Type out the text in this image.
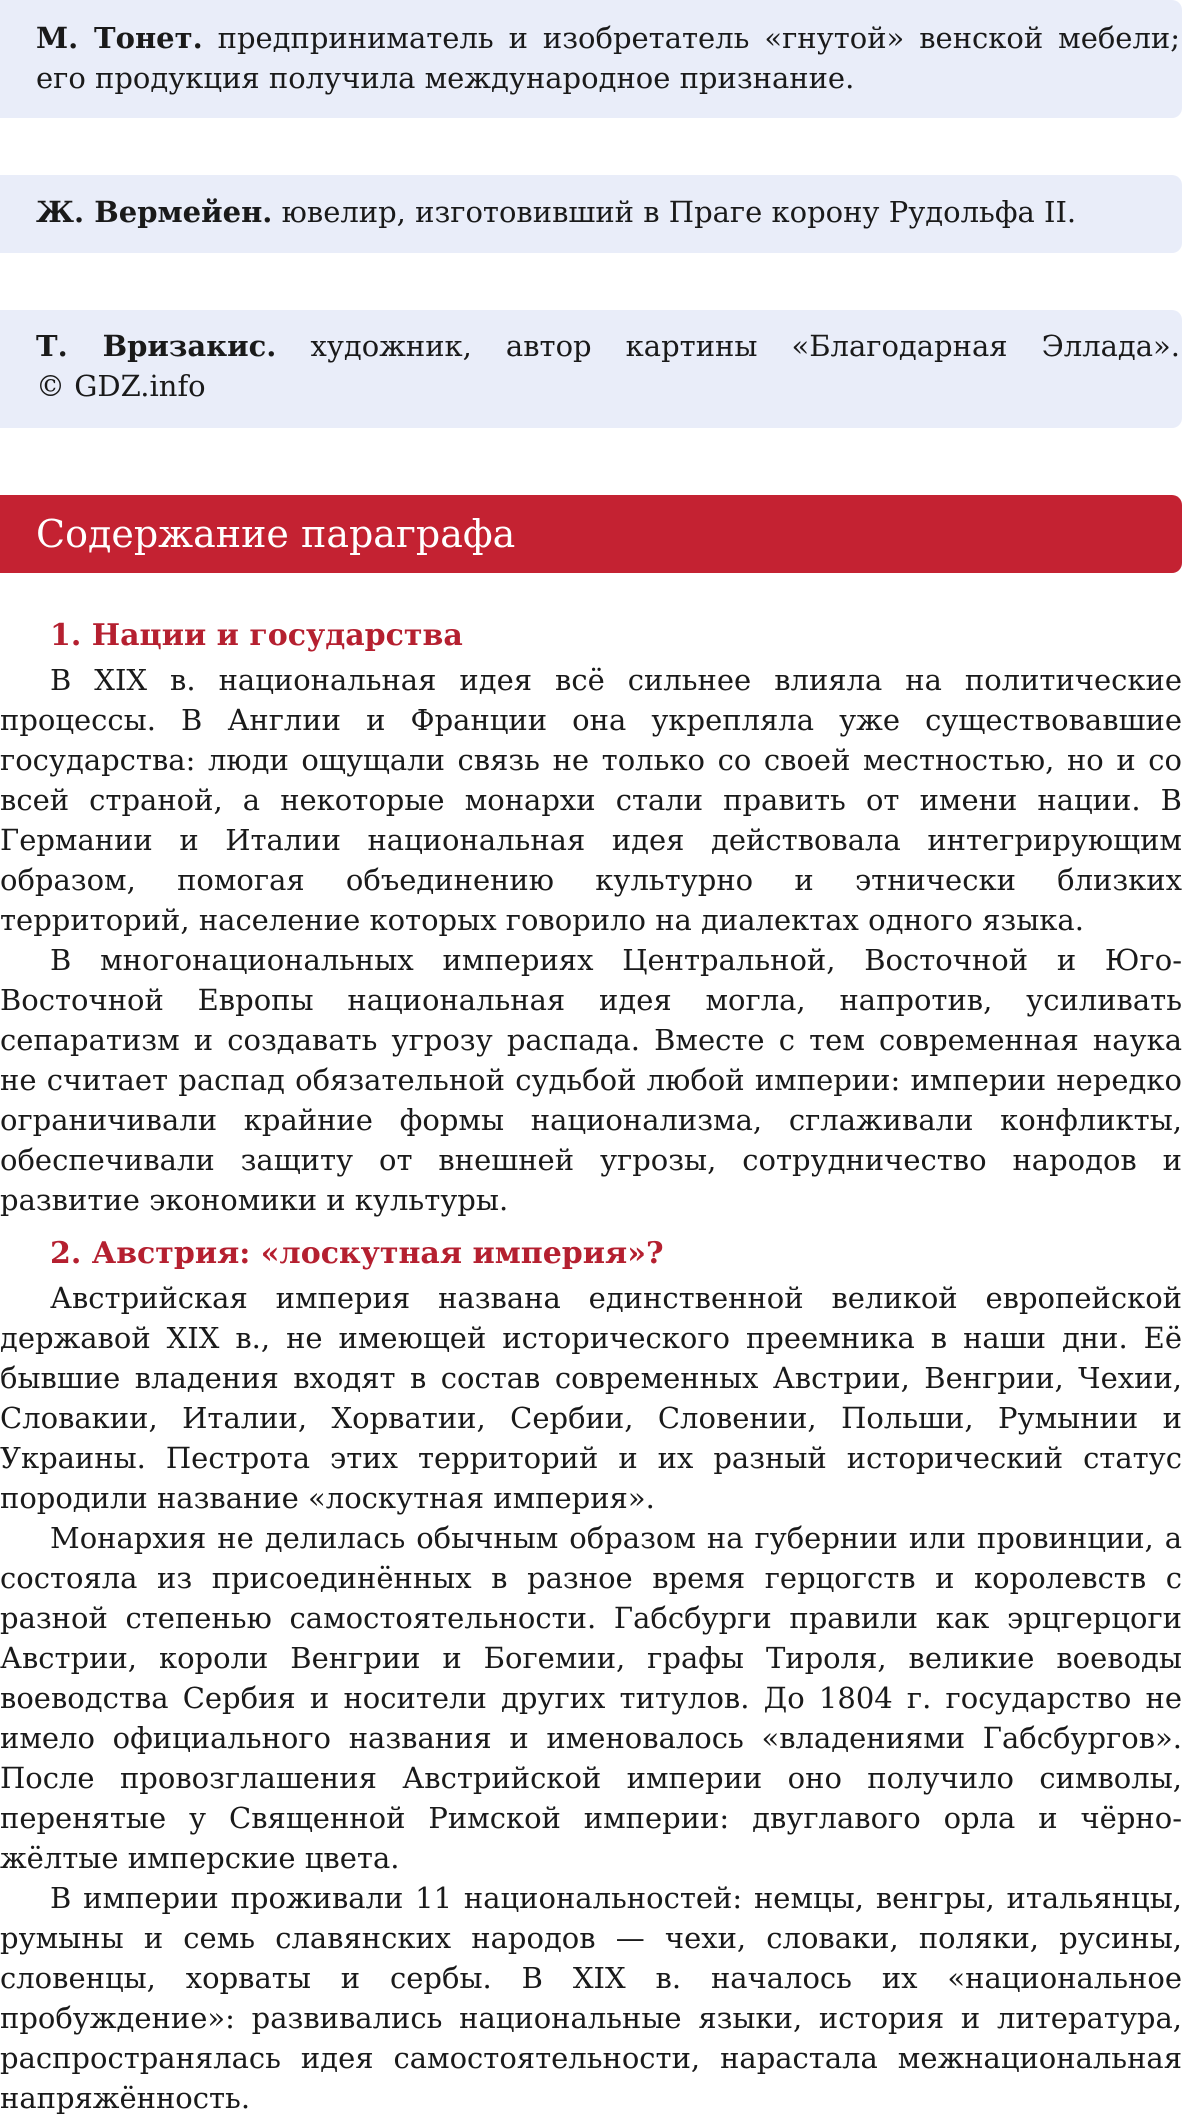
М. Тонет. предприниматель и изобретатель «гнутой» венской мебели; его продукция получила международное признание.
Ж. Вермейен. ювелир, изготовивший в Праге корону Рудольфа II.
Т. Вризакис. художник, автор картины «Благодарная Эллада».
© GDZ.info
Содержание параграфа
1. Нации и государства

В XIX в. национальная идея всё сильнее влияла на политические процессы. В Англии и Франции она укрепляла уже существовавшие государства: люди ощущали связь не только со своей местностью, но и со всей страной, а некоторые монархи стали править от имени нации. В Германии и Италии национальная идея действовала интегрирующим образом, помогая объединению культурно и этнически близких территорий, население которых говорило на диалектах одного языка.

В многонациональных империях Центральной, Восточной и Юго-Восточной Европы национальная идея могла, напротив, усиливать сепаратизм и создавать угрозу распада. Вместе с тем современная наука не считает распад обязательной судьбой любой империи: империи нередко ограничивали крайние формы национализма, сглаживали конфликты, обеспечивали защиту от внешней угрозы, сотрудничество народов и развитие экономики и культуры.

2. Австрия: «лоскутная империя»?

Австрийская империя названа единственной великой европейской державой XIX в., не имеющей исторического преемника в наши дни. Её бывшие владения входят в состав современных Австрии, Венгрии, Чехии, Словакии, Италии, Хорватии, Сербии, Словении, Польши, Румынии и Украины. Пестрота этих территорий и их разный исторический статус породили название «лоскутная империя».

Монархия не делилась обычным образом на губернии или провинции, а состояла из присоединённых в разное время герцогств и королевств с разной степенью самостоятельности. Габсбурги правили как эрцгерцоги Австрии, короли Венгрии и Богемии, графы Тироля, великие воеводы воеводства Сербия и носители других титулов. До 1804 г. государство не имело официального названия и именовалось «владениями Габсбургов». После провозглашения Австрийской империи оно получило символы, перенятые у Священной Римской империи: двуглавого орла и чёрно-жёлтые имперские цвета.

В империи проживали 11 национальностей: немцы, венгры, итальянцы, румыны и семь славянских народов — чехи, словаки, поляки, русины, словенцы, хорваты и сербы. В XIX в. началось их «национальное пробуждение»: развивались национальные языки, история и литература, распространялась идея самостоятельности, нарастала межнациональная напряжённость.
